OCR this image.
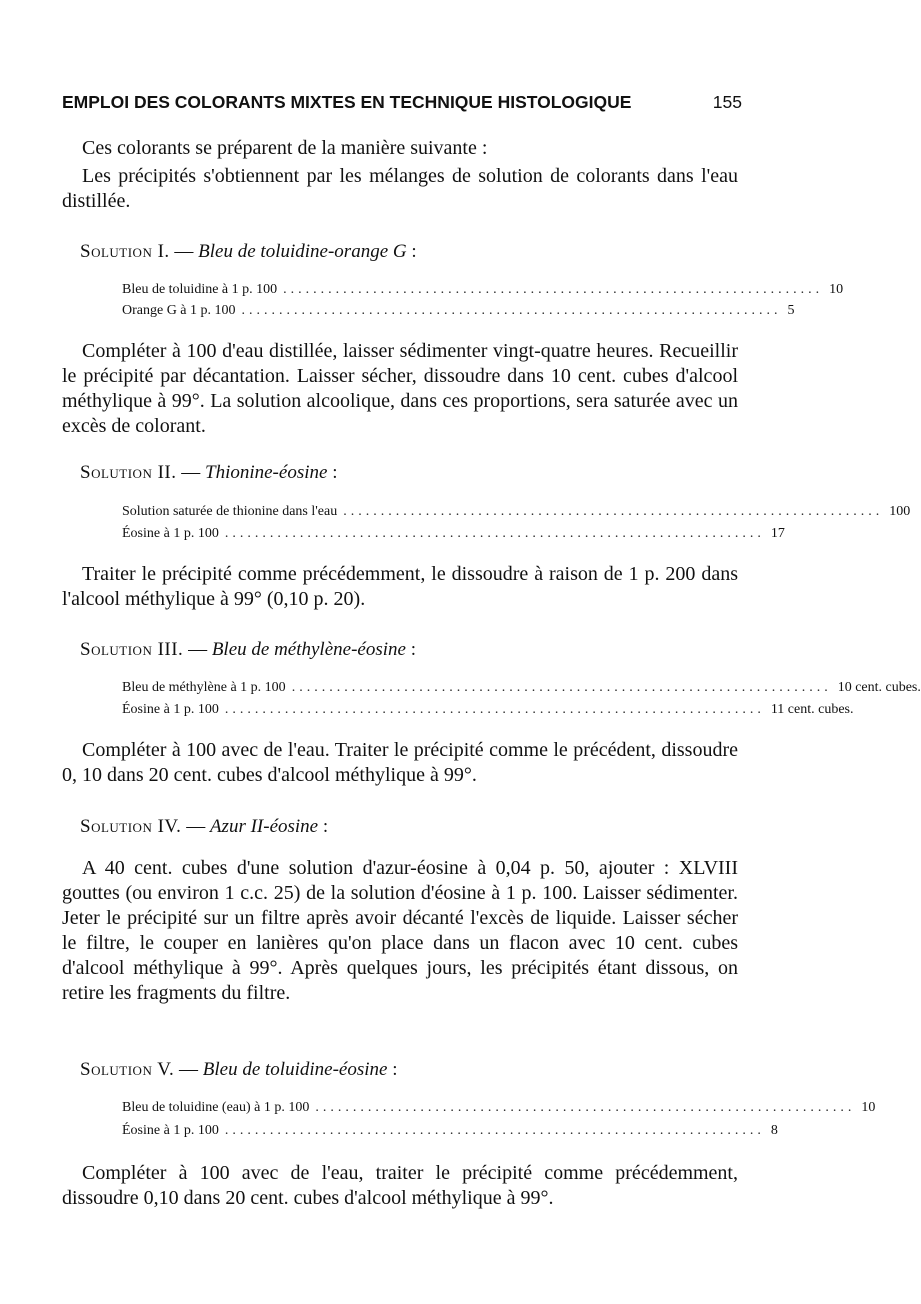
EMPLOI DES COLORANTS MIXTES EN TECHNIQUE HISTOLOGIQUE	155
Ces colorants se préparent de la manière suivante :
Les précipités s'obtiennent par les mélanges de solution de colorants dans l'eau distillée.
Solution I. — Bleu de toluidine-orange G :
Bleu de toluidine à 1 p. 100 ........................................................................ 10
Orange G à 1 p. 100 ........................................................................ 5
Compléter à 100 d'eau distillée, laisser sédimenter vingt-quatre heures. Recueillir le précipité par décantation. Laisser sécher, dissoudre dans 10 cent. cubes d'alcool méthylique à 99°. La solution alcoolique, dans ces proportions, sera saturée avec un excès de colorant.
Solution II. — Thionine-éosine :
Solution saturée de thionine dans l'eau ........................................................................ 100
Éosine à 1 p. 100 ........................................................................ 17
Traiter le précipité comme précédemment, le dissoudre à raison de 1 p. 200 dans l'alcool méthylique à 99° (0,10 p. 20).
Solution III. — Bleu de méthylène-éosine :
Bleu de méthylène à 1 p. 100 ........................................................................ 10 cent. cubes.
Éosine à 1 p. 100 ........................................................................ 11 cent. cubes.
Compléter à 100 avec de l'eau. Traiter le précipité comme le précédent, dissoudre 0, 10 dans 20 cent. cubes d'alcool méthylique à 99°.
Solution IV. — Azur II-éosine :
A 40 cent. cubes d'une solution d'azur-éosine à 0,04 p. 50, ajouter : XLVIII gouttes (ou environ 1 c.c. 25) de la solution d'éosine à 1 p. 100. Laisser sédimenter. Jeter le précipité sur un filtre après avoir décanté l'excès de liquide. Laisser sécher le filtre, le couper en lanières qu'on place dans un flacon avec 10 cent. cubes d'alcool méthylique à 99°. Après quelques jours, les précipités étant dissous, on retire les fragments du filtre.
Solution V. — Bleu de toluidine-éosine :
Bleu de toluidine (eau) à 1 p. 100 ........................................................................ 10
Éosine à 1 p. 100 ........................................................................ 8
Compléter à 100 avec de l'eau, traiter le précipité comme précédemment, dissoudre 0,10 dans 20 cent. cubes d'alcool méthylique à 99°.
